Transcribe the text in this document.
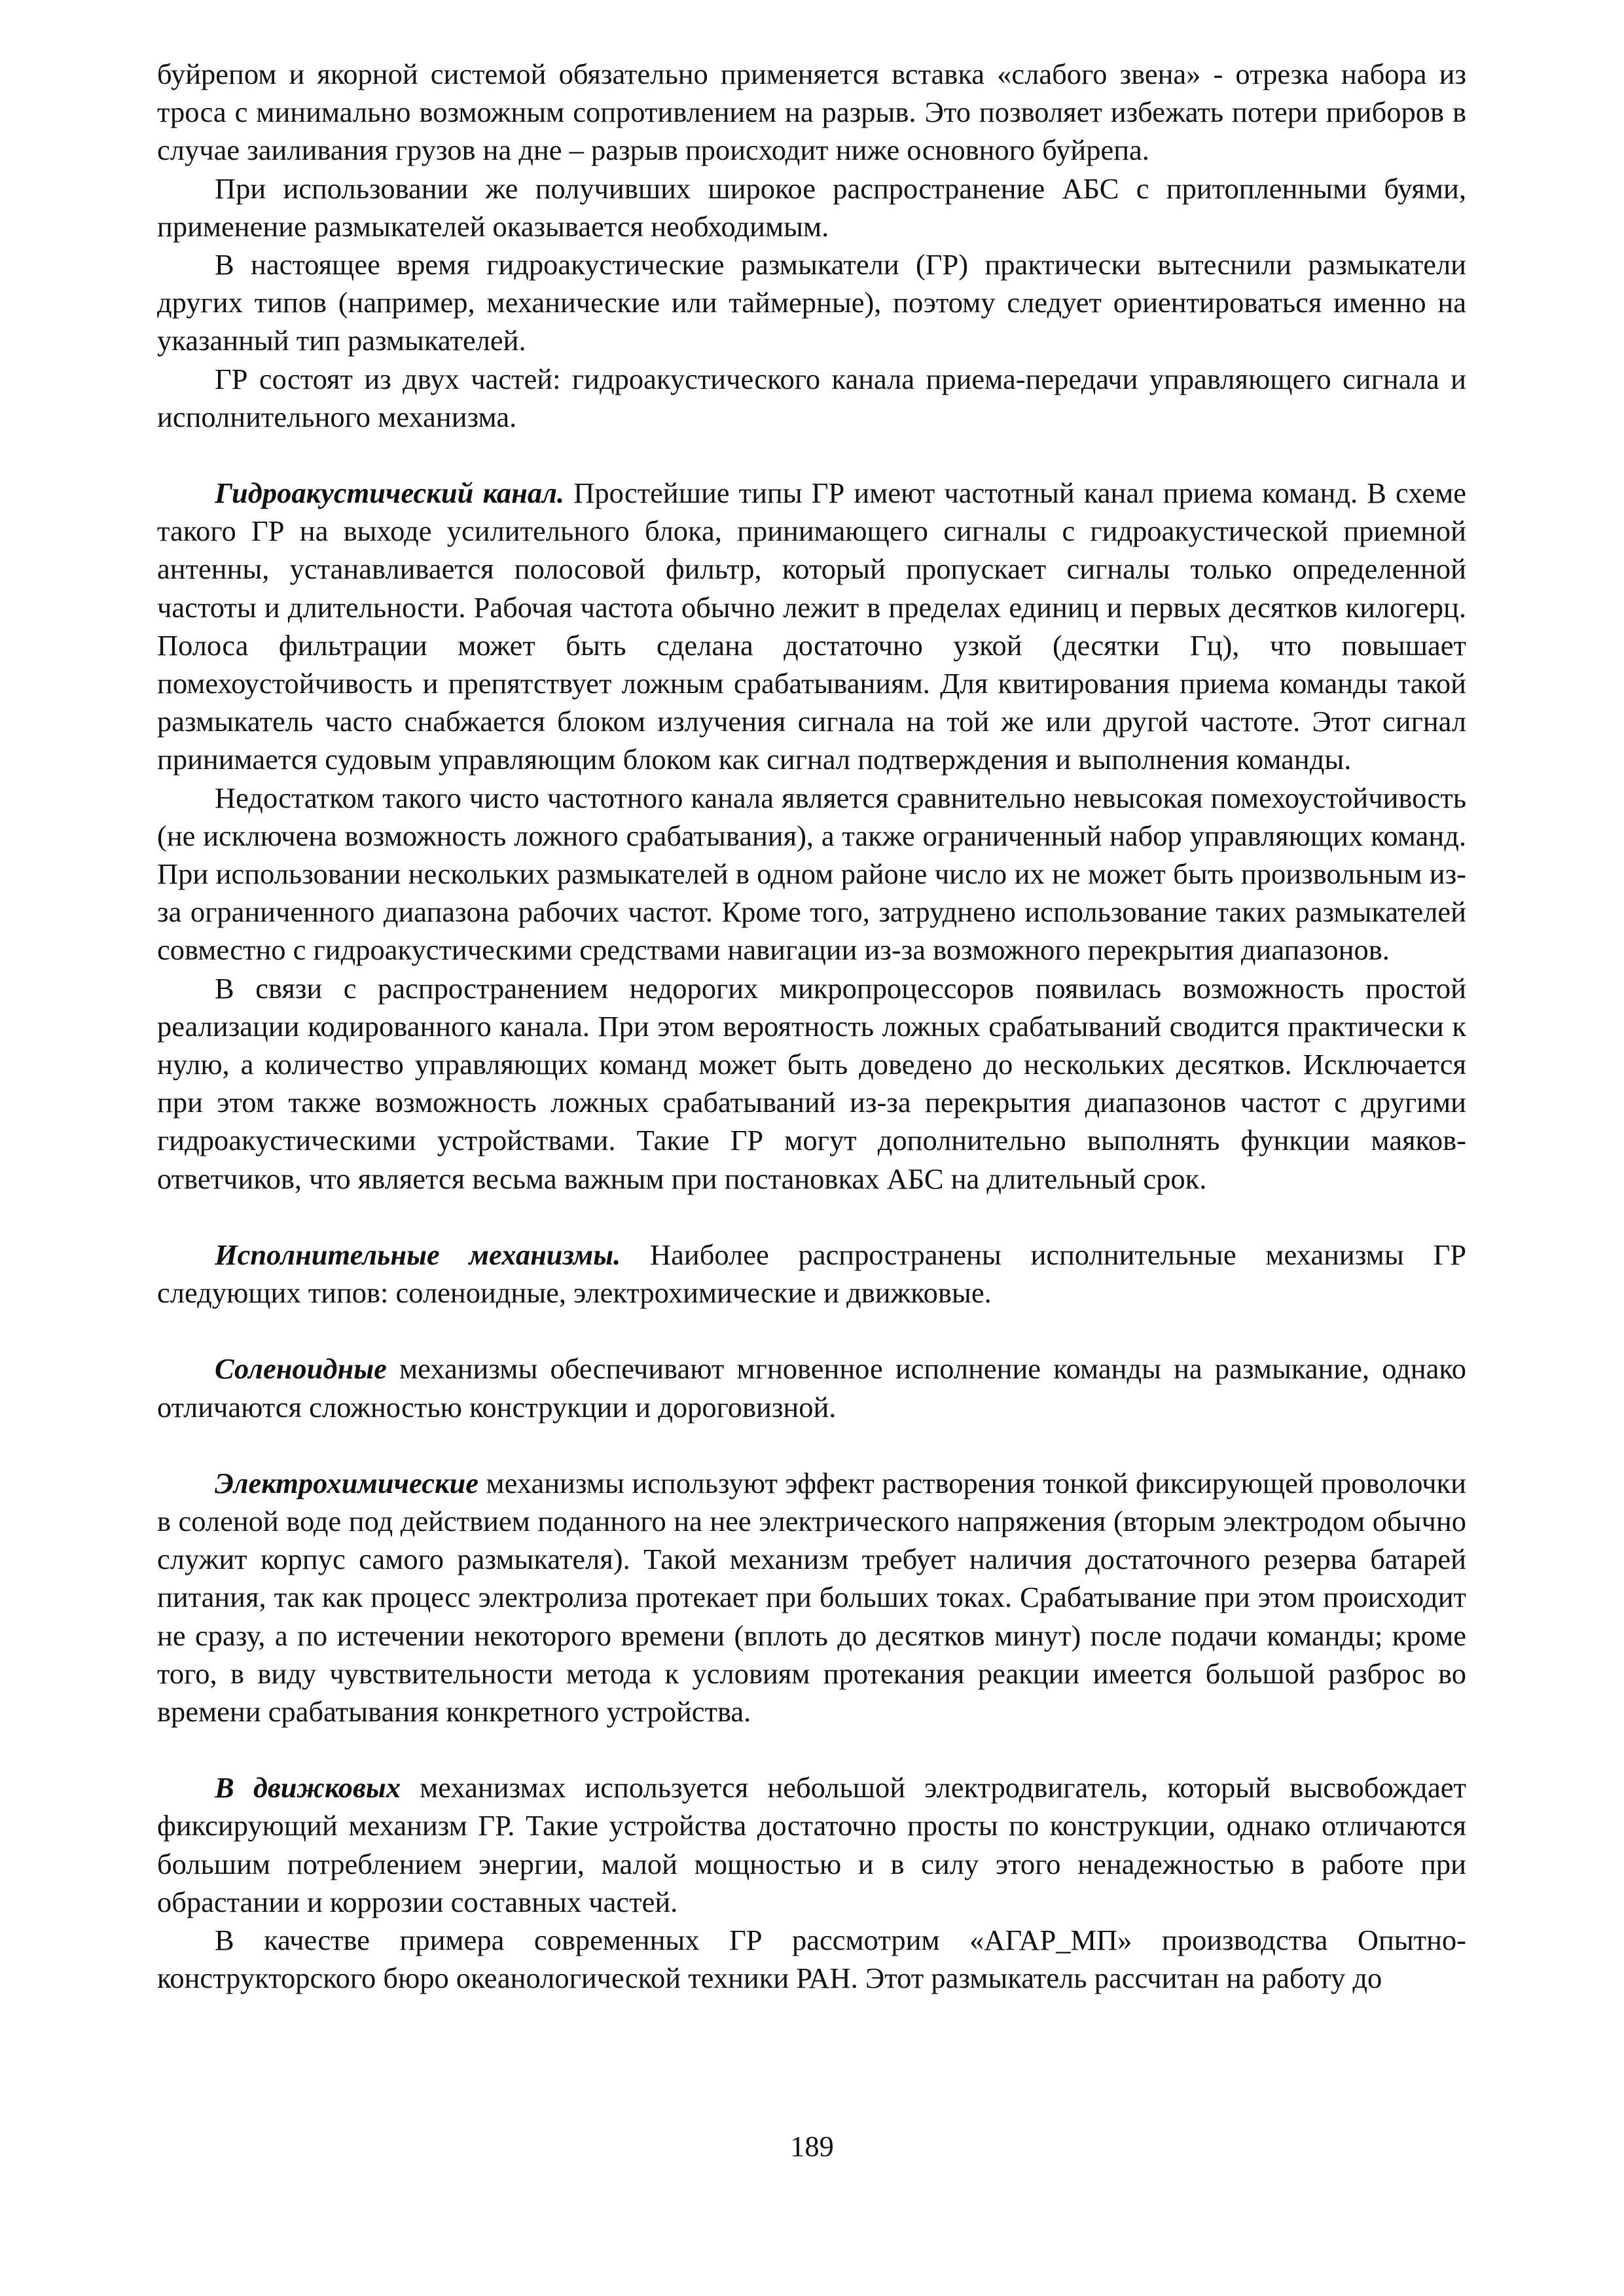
буйрепом и якорной системой обязательно применяется вставка «слабого звена» - отрезка набора из троса с минимально возможным сопротивлением на разрыв. Это позволяет избежать потери приборов в случае заиливания грузов на дне – разрыв происходит ниже основного буйрепа.

При использовании же получивших широкое распространение АБС с притопленными буями, применение размыкателей оказывается необходимым.

В настоящее время гидроакустические размыкатели (ГР) практически вытеснили размыкатели других типов (например, механические или таймерные), поэтому следует ориентироваться именно на указанный тип размыкателей.

ГР состоят из двух частей: гидроакустического канала приема-передачи управляющего сигнала и исполнительного механизма.

Гидроакустический канал. Простейшие типы ГР имеют частотный канал приема команд. В схеме такого ГР на выходе усилительного блока, принимающего сигналы с гидроакустической приемной антенны, устанавливается полосовой фильтр, который пропускает сигналы только определенной частоты и длительности. Рабочая частота обычно лежит в пределах единиц и первых десятков килогерц. Полоса фильтрации может быть сделана достаточно узкой (десятки Гц), что повышает помехоустойчивость и препятствует ложным срабатываниям. Для квитирования приема команды такой размыкатель часто снабжается блоком излучения сигнала на той же или другой частоте. Этот сигнал принимается судовым управляющим блоком как сигнал подтверждения и выполнения команды.

Недостатком такого чисто частотного канала является сравнительно невысокая помехоустойчивость (не исключена возможность ложного срабатывания), а также ограниченный набор управляющих команд. При использовании нескольких размыкателей в одном районе число их не может быть произвольным из-за ограниченного диапазона рабочих частот. Кроме того, затруднено использование таких размыкателей совместно с гидроакустическими средствами навигации из-за возможного перекрытия диапазонов.

В связи с распространением недорогих микропроцессоров появилась возможность простой реализации кодированного канала. При этом вероятность ложных срабатываний сводится практически к нулю, а количество управляющих команд может быть доведено до нескольких десятков. Исключается при этом также возможность ложных срабатываний из-за перекрытия диапазонов частот с другими гидроакустическими устройствами. Такие ГР могут дополнительно выполнять функции маяков-ответчиков, что является весьма важным при постановках АБС на длительный срок.

Исполнительные механизмы. Наиболее распространены исполнительные механизмы ГР следующих типов: соленоидные, электрохимические и движковые.

Соленоидные механизмы обеспечивают мгновенное исполнение команды на размыкание, однако отличаются сложностью конструкции и дороговизной.

Электрохимические механизмы используют эффект растворения тонкой фиксирующей проволочки в соленой воде под действием поданного на нее электрического напряжения (вторым электродом обычно служит корпус самого размыкателя). Такой механизм требует наличия достаточного резерва батарей питания, так как процесс электролиза протекает при больших токах. Срабатывание при этом происходит не сразу, а по истечении некоторого времени (вплоть до десятков минут) после подачи команды; кроме того, в виду чувствительности метода к условиям протекания реакции имеется большой разброс во времени срабатывания конкретного устройства.

В движковых механизмах используется небольшой электродвигатель, который высвобождает фиксирующий механизм ГР. Такие устройства достаточно просты по конструкции, однако отличаются большим потреблением энергии, малой мощностью и в силу этого ненадежностью в работе при обрастании и коррозии составных частей.

В качестве примера современных ГР рассмотрим «АГАР_МП» производства Опытно-конструкторского бюро океанологической техники РАН. Этот размыкатель рассчитан на работу до

189
